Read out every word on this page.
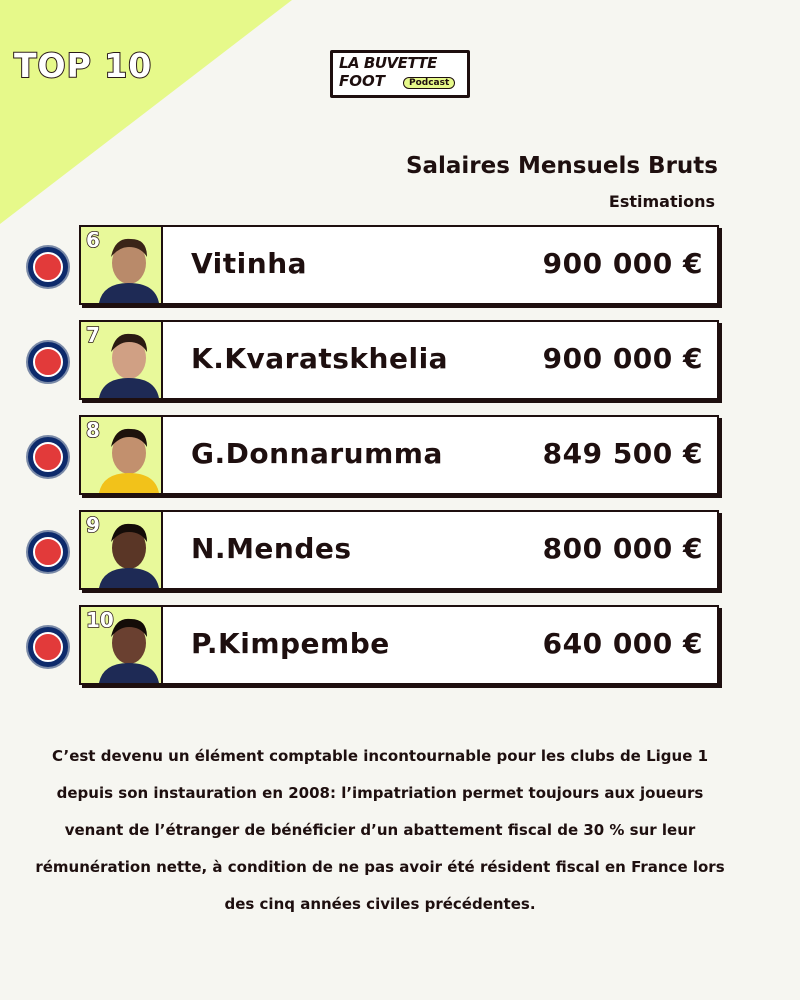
TOP 10	LA BUVETTE
FOOT	Podcast
Salaires Mensuels Bruts
Estimations
6
Vitinha	900 000 €
7
K.Kvaratskhelia	900 000 €
8
G.Donnarumma	849 500 €
9
N.Mendes	800 000 €
10
P.Kimpembe	640 000 €
C’est devenu un élément comptable incontournable pour les clubs de Ligue 1 depuis son instauration en 2008: l’impatriation permet toujours aux joueurs venant de l’étranger de bénéficier d’un abattement fiscal de 30 % sur leur rémunération nette, à condition de ne pas avoir été résident fiscal en France lors des cinq années civiles précédentes.
